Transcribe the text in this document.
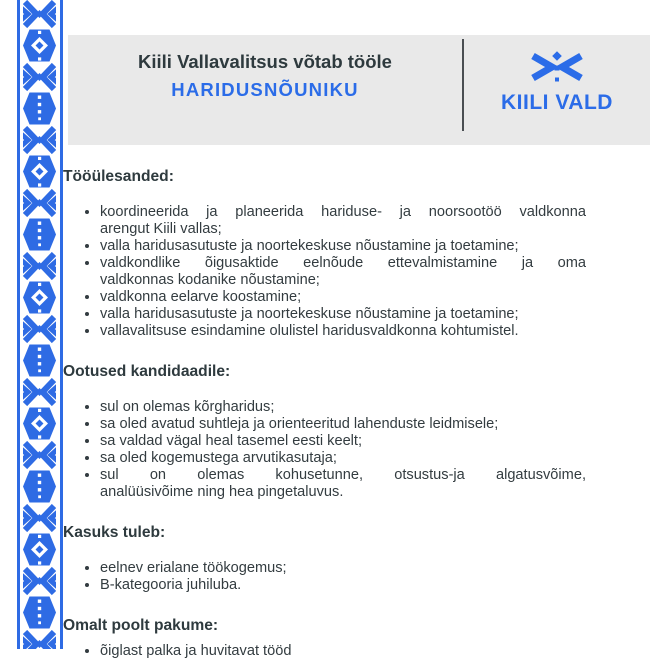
Kiili Vallavalitsus võtab tööle
HARIDUSNÕUNIKU
KIILI VALD
Tööülesanded:
• koordineerida ja planeerida hariduse- ja noorsootöö valdkonna
arengut Kiili vallas;
• valla haridusasutuste ja noortekeskuse nõustamine ja toetamine;
• valdkondlike õigusaktide eelnõude ettevalmistamine ja oma
valdkonnas kodanike nõustamine;
• valdkonna eelarve koostamine;
• valla haridusasutuste ja noortekeskuse nõustamine ja toetamine;
• vallavalitsuse esindamine olulistel haridusvaldkonna kohtumistel.
Ootused kandidaadile:
• sul on olemas kõrgharidus;
• sa oled avatud suhtleja ja orienteeritud lahenduste leidmisele;
• sa valdad vägal heal tasemel eesti keelt;
• sa oled kogemustega arvutikasutaja;
• sul on olemas kohusetunne, otsustus-ja algatusvõime,
analüüsivõime ning hea pingetaluvus.
Kasuks tuleb:
• eelnev erialane töökogemus;
• B-kategooria juhiluba.
Omalt poolt pakume:
• õiglast palka ja huvitavat tööd
